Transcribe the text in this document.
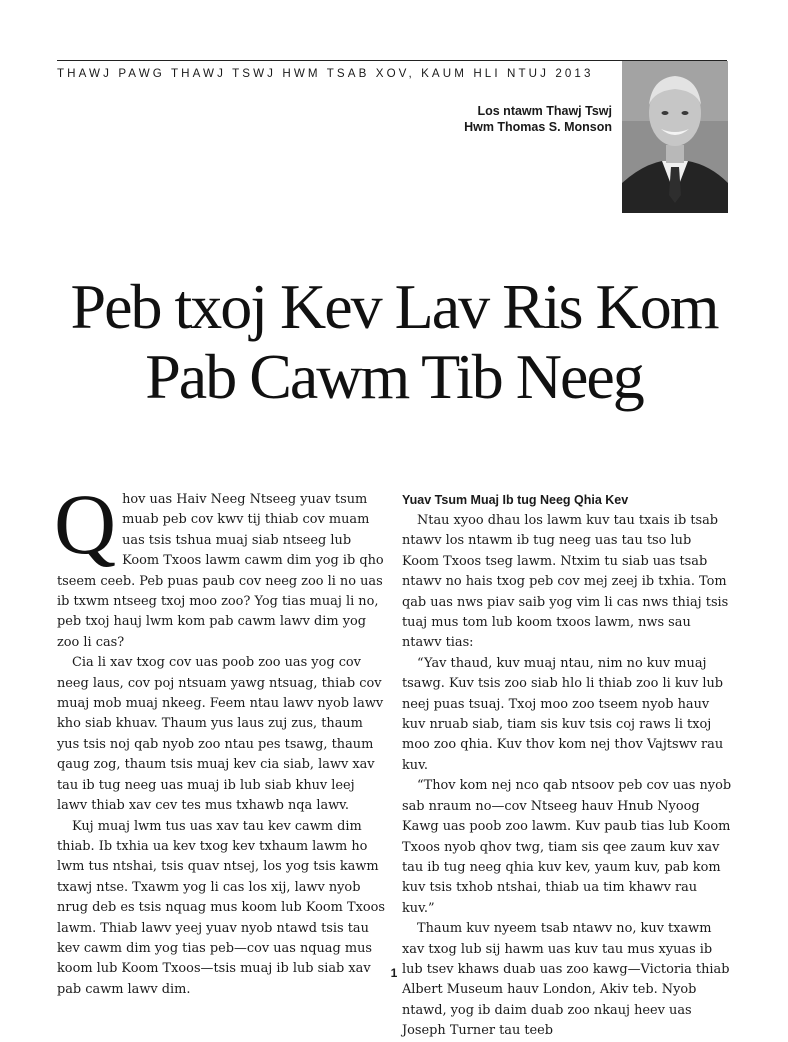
THAWJ PAWG THAWJ TSWJ HWM TSAB XOV, KAUM HLI NTUJ 2013
Los ntawm Thawj Tswj
Hwm Thomas S. Monson
Peb txoj Kev Lav Ris Kom
Pab Cawm Tib Neeg
Q hov uas Haiv Neeg Ntseeg yuav tsum muab peb cov kwv tij thiab cov muam uas tsis tshua muaj siab ntseeg lub Koom Txoos lawm cawm dim yog ib qho tseem ceeb. Peb puas paub cov neeg zoo li no uas ib txwm ntseeg txoj moo zoo? Yog tias muaj li no, peb txoj hauj lwm kom pab cawm lawv dim yog zoo li cas?

Cia li xav txog cov uas poob zoo uas yog cov neeg laus, cov poj ntsuam yawg ntsuag, thiab cov muaj mob muaj nkeeg. Feem ntau lawv nyob lawv kho siab khuav. Thaum yus laus zuj zus, thaum yus tsis noj qab nyob zoo ntau pes tsawg, thaum qaug zog, thaum tsis muaj kev cia siab, lawv xav tau ib tug neeg uas muaj ib lub siab khuv leej lawv thiab xav cev tes mus txhawb nqa lawv.

Kuj muaj lwm tus uas xav tau kev cawm dim thiab. Ib txhia ua kev txog kev txhaum lawm ho lwm tus ntshai, tsis quav ntsej, los yog tsis kawm txawj ntse. Txawm yog li cas los xij, lawv nyob nrug deb es tsis nquag mus koom lub Koom Txoos lawm. Thiab lawv yeej yuav nyob ntawd tsis tau kev cawm dim yog tias peb—cov uas nquag mus koom lub Koom Txoos—tsis muaj ib lub siab xav pab cawm lawv dim.

Yuav Tsum Muaj Ib tug Neeg Qhia Kev

Ntau xyoo dhau los lawm kuv tau txais ib tsab ntawv los ntawm ib tug neeg uas tau tso lub Koom Txoos tseg lawm. Ntxim tu siab uas tsab ntawv no hais txog peb cov mej zeej ib txhia. Tom qab uas nws piav saib yog vim li cas nws thiaj tsis tuaj mus tom lub koom txoos lawm, nws sau ntawv tias:

“Yav thaud, kuv muaj ntau, nim no kuv muaj tsawg. Kuv tsis zoo siab hlo li thiab zoo li kuv lub neej puas tsuaj. Txoj moo zoo tseem nyob hauv kuv nruab siab, tiam sis kuv tsis coj raws li txoj moo zoo qhia. Kuv thov kom nej thov Vajtswv rau kuv.

“Thov kom nej nco qab ntsoov peb cov uas nyob sab nraum no—cov Ntseeg hauv Hnub Nyoog Kawg uas poob zoo lawm. Kuv paub tias lub Koom Txoos nyob qhov twg, tiam sis qee zaum kuv xav tau ib tug neeg qhia kuv kev, yaum kuv, pab kom kuv tsis txhob ntshai, thiab ua tim khawv rau kuv.”

Thaum kuv nyeem tsab ntawv no, kuv txawm xav txog lub sij hawm uas kuv tau mus xyuas ib lub tsev khaws duab uas zoo kawg—Victoria thiab Albert Museum hauv London, Akiv teb. Nyob ntawd, yog ib daim duab zoo nkauj heev uas Joseph Turner tau teeb

1
